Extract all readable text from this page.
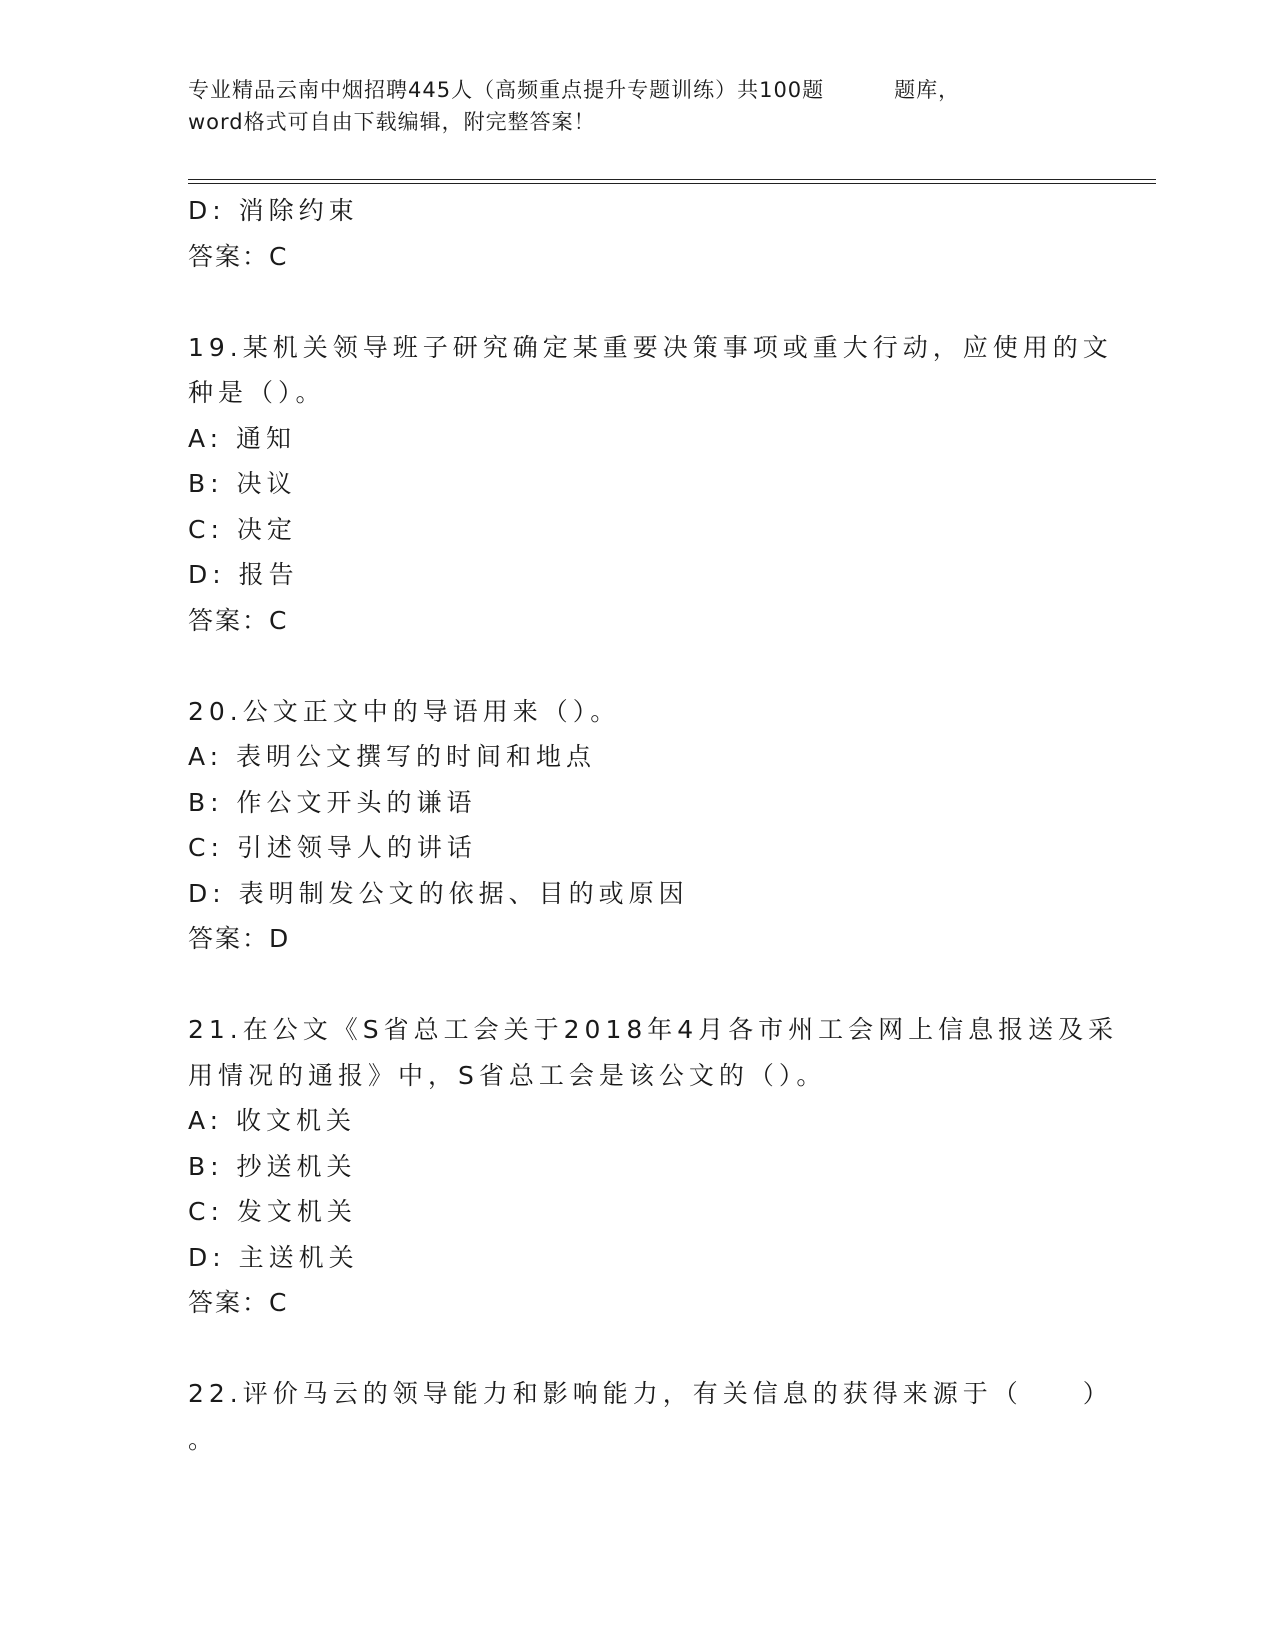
专业精品云南中烟招聘445人（高频重点提升专题训练）共100题	题库，
word格式可自由下载编辑，附完整答案！
D: 消除约束
答案：C
19.某机关领导班子研究确定某重要决策事项或重大行动，应使用的文
种是（）。
A: 通知
B: 决议
C: 决定
D: 报告
答案：C
20.公文正文中的导语用来（）。
A: 表明公文撰写的时间和地点
B: 作公文开头的谦语
C: 引述领导人的讲话
D: 表明制发公文的依据、目的或原因
答案：D
21.在公文《S省总工会关于2018年4月各市州工会网上信息报送及采
用情况的通报》中，S省总工会是该公文的（）。
A: 收文机关
B: 抄送机关
C: 发文机关
D: 主送机关
答案：C
22.评价马云的领导能力和影响能力，有关信息的获得来源于（　　）
。
